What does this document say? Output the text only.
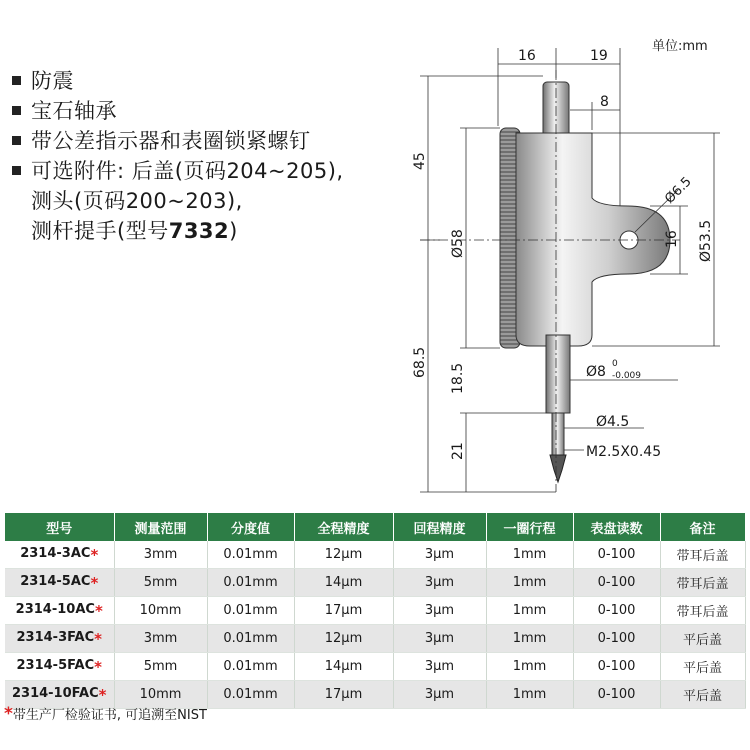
防震
宝石轴承
带公差指示器和表圈锁紧螺钉
可选附件: 后盖(页码204~205),
测头(页码200~203),
测杆提手(型号7332)
单位:mm
16	19
8
45
Ø58
68.5
18.5
21
Ø6.5
16 Ø53.5
Ø8 0
-0.009
Ø4.5
M2.5X0.45
型号	测量范围	分度值	全程精度	回程精度	一圈行程	表盘读数	备注
2314-3AC*	3mm	0.01mm	12μm	3μm	1mm	0-100	带耳后盖
2314-5AC*	5mm	0.01mm	14μm	3μm	1mm	0-100	带耳后盖
2314-10AC*	10mm	0.01mm	17μm	3μm	1mm	0-100	带耳后盖
2314-3FAC*	3mm	0.01mm	12μm	3μm	1mm	0-100	平后盖
2314-5FAC*	5mm	0.01mm	14μm	3μm	1mm	0-100	平后盖
2314-10FAC*	10mm	0.01mm	17μm	3μm	1mm	0-100	平后盖
*带生产厂检验证书, 可追溯至NIST
